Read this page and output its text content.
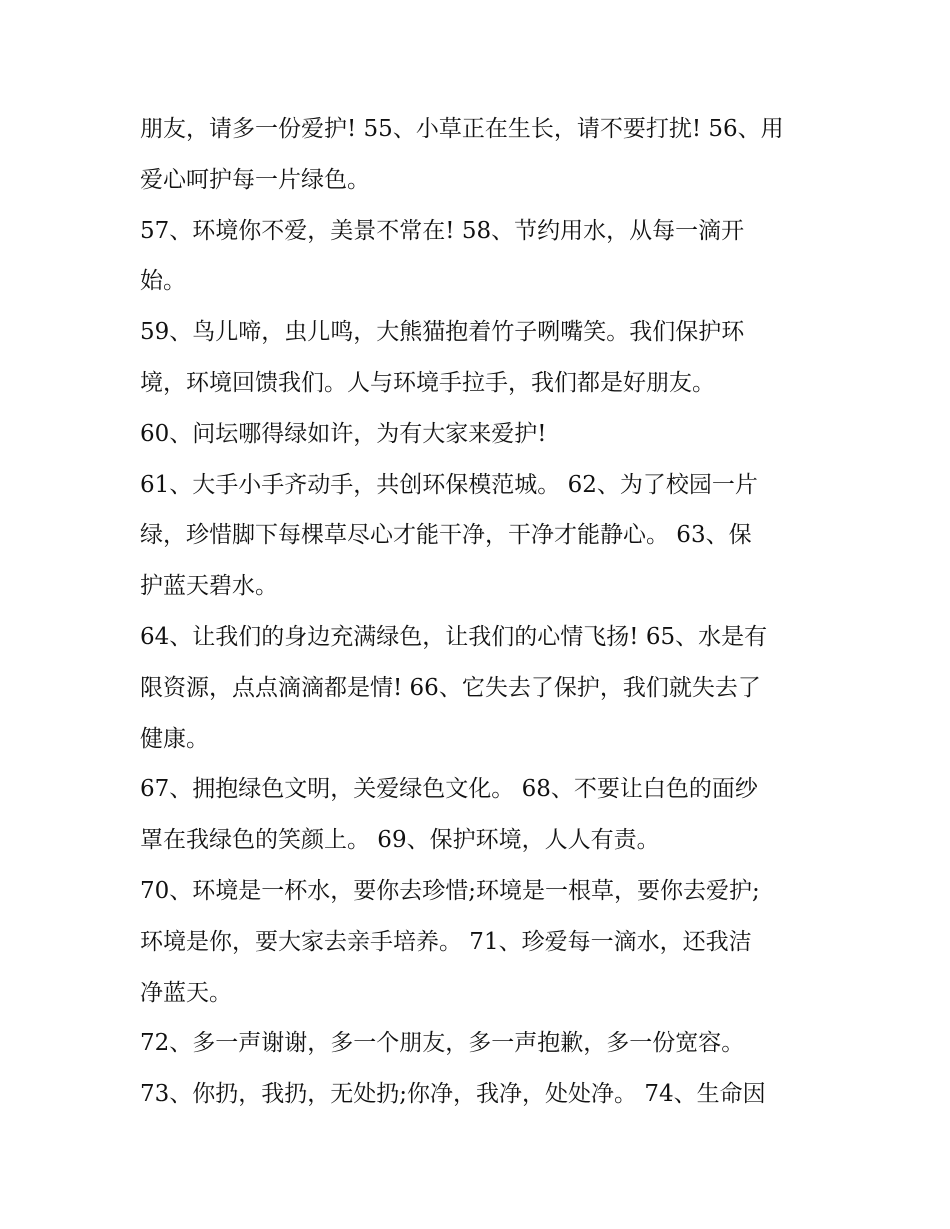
朋友，请多一份爱护! 55、小草正在生长，请不要打扰! 56、用
爱心呵护每一片绿色。
57、环境你不爱，美景不常在! 58、节约用水，从每一滴开
始。
59、鸟儿啼，虫儿鸣，大熊猫抱着竹子咧嘴笑。我们保护环
境，环境回馈我们。人与环境手拉手，我们都是好朋友。
60、问坛哪得绿如许，为有大家来爱护!
61、大手小手齐动手，共创环保模范城。 62、为了校园一片
绿，珍惜脚下每棵草尽心才能干净，干净才能静心。 63、保
护蓝天碧水。
64、让我们的身边充满绿色，让我们的心情飞扬! 65、水是有
限资源，点点滴滴都是情! 66、它失去了保护，我们就失去了
健康。
67、拥抱绿色文明，关爱绿色文化。 68、不要让白色的面纱
罩在我绿色的笑颜上。 69、保护环境，人人有责。
70、环境是一杯水，要你去珍惜;环境是一根草，要你去爱护;
环境是你，要大家去亲手培养。 71、珍爱每一滴水，还我洁
净蓝天。
72、多一声谢谢，多一个朋友，多一声抱歉，多一份宽容。
73、你扔，我扔，无处扔;你净，我净，处处净。 74、生命因
